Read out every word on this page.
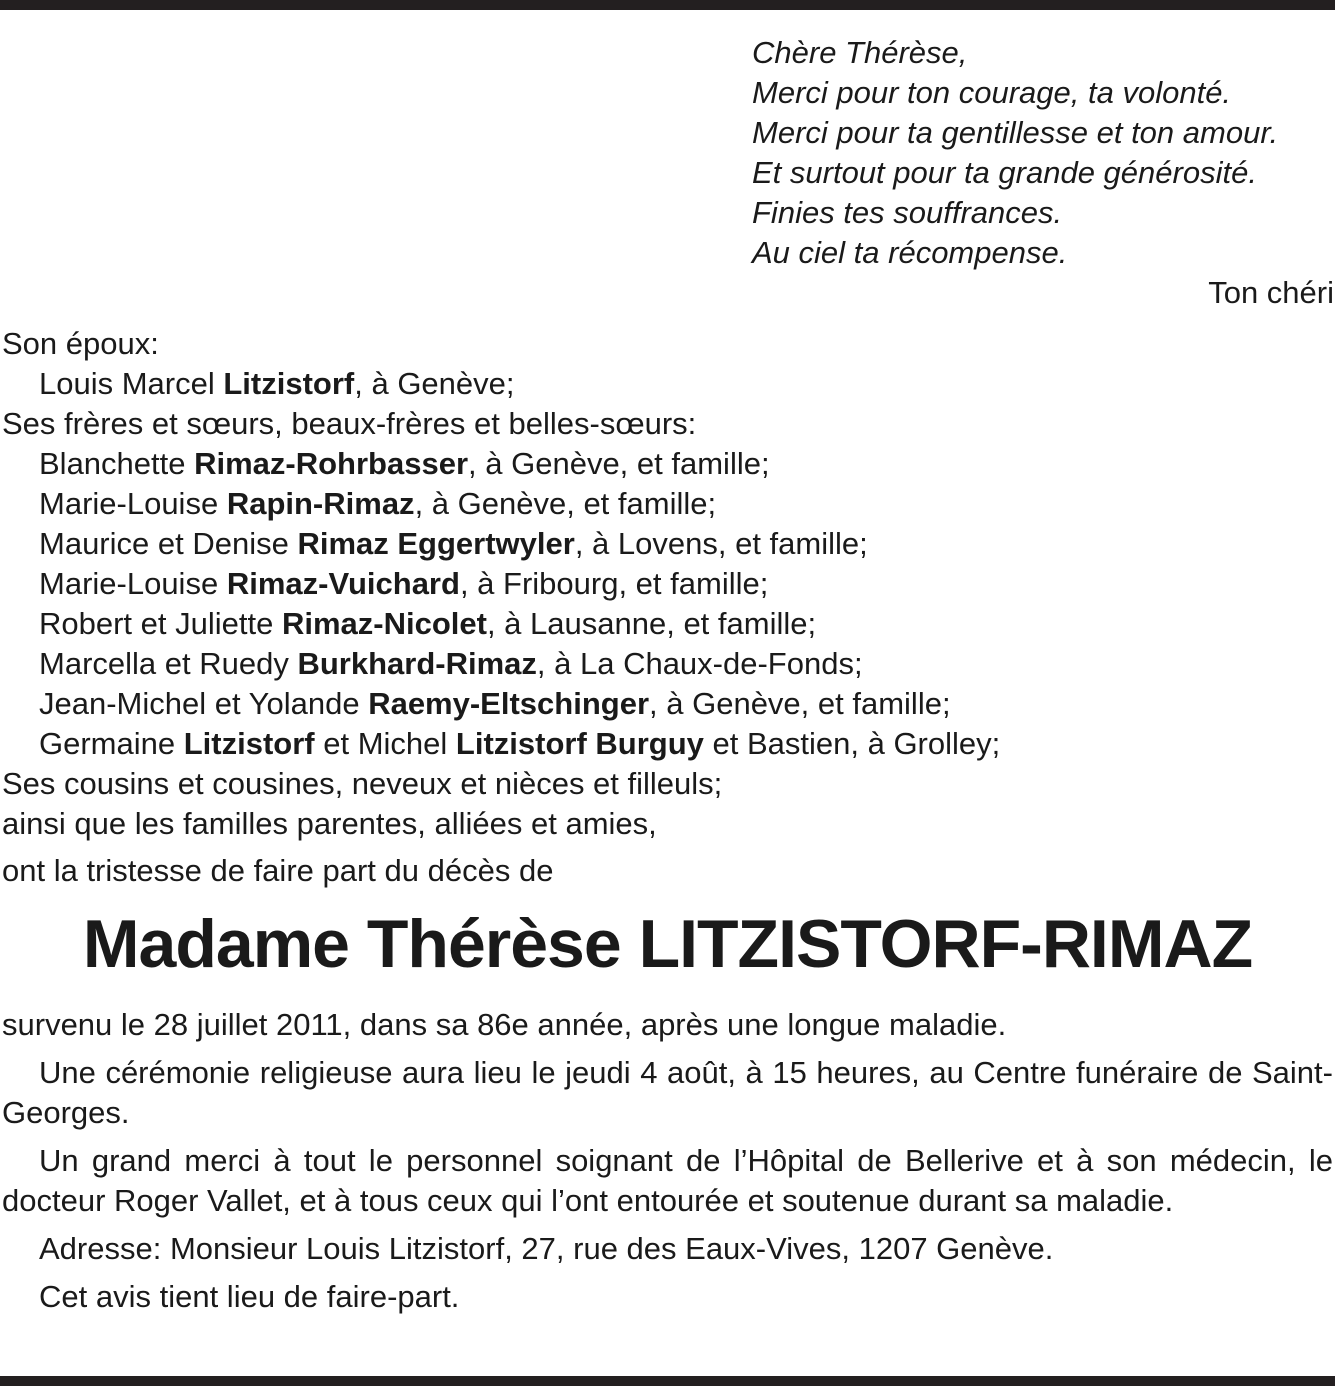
Chère Thérèse,
Merci pour ton courage, ta volonté.
Merci pour ta gentillesse et ton amour.
Et surtout pour ta grande générosité.
Finies tes souffrances.
Au ciel ta récompense.
Ton chéri
Son époux:
Louis Marcel Litzistorf, à Genève;
Ses frères et sœurs, beaux-frères et belles-sœurs:
Blanchette Rimaz-Rohrbasser, à Genève, et famille;
Marie-Louise Rapin-Rimaz, à Genève, et famille;
Maurice et Denise Rimaz Eggertwyler, à Lovens, et famille;
Marie-Louise Rimaz-Vuichard, à Fribourg, et famille;
Robert et Juliette Rimaz-Nicolet, à Lausanne, et famille;
Marcella et Ruedy Burkhard-Rimaz, à La Chaux-de-Fonds;
Jean-Michel et Yolande Raemy-Eltschinger, à Genève, et famille;
Germaine Litzistorf et Michel Litzistorf Burguy et Bastien, à Grolley;
Ses cousins et cousines, neveux et nièces et filleuls;
ainsi que les familles parentes, alliées et amies,
ont la tristesse de faire part du décès de
Madame Thérèse LITZISTORF-RIMAZ

survenu le 28 juillet 2011, dans sa 86e année, après une longue maladie.

Une cérémonie religieuse aura lieu le jeudi 4 août, à 15 heures, au Centre funéraire de Saint-Georges.

Un grand merci à tout le personnel soignant de l’Hôpital de Bellerive et à son médecin, le docteur Roger Vallet, et à tous ceux qui l’ont entourée et soutenue durant sa maladie.

Adresse: Monsieur Louis Litzistorf, 27, rue des Eaux-Vives, 1207 Genève.

Cet avis tient lieu de faire-part.
